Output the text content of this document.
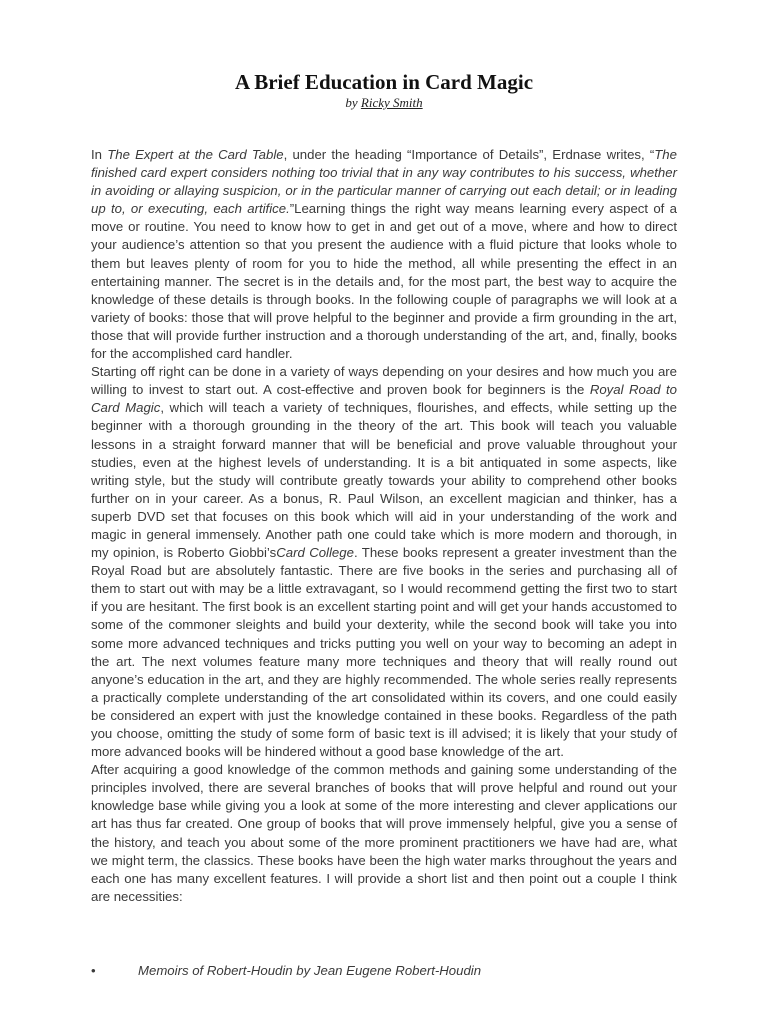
A Brief Education in Card Magic
by Ricky Smith

In The Expert at the Card Table, under the heading “Importance of Details”, Erdnase writes, “The finished card expert considers nothing too trivial that in any way contributes to his success, whether in avoiding or allaying suspicion, or in the particular manner of carrying out each detail; or in leading up to, or executing, each artifice.”Learning things the right way means learning every aspect of a move or routine. You need to know how to get in and get out of a move, where and how to direct your audience’s attention so that you present the audience with a fluid picture that looks whole to them but leaves plenty of room for you to hide the method, all while presenting the effect in an entertaining manner. The secret is in the details and, for the most part, the best way to acquire the knowledge of these details is through books. In the following couple of paragraphs we will look at a variety of books: those that will prove helpful to the beginner and provide a firm grounding in the art, those that will provide further instruction and a thorough understanding of the art, and, finally, books for the accomplished card handler.

Starting off right can be done in a variety of ways depending on your desires and how much you are willing to invest to start out. A cost-effective and proven book for beginners is the Royal Road to Card Magic, which will teach a variety of techniques, flourishes, and effects, while setting up the beginner with a thorough grounding in the theory of the art. This book will teach you valuable lessons in a straight forward manner that will be beneficial and prove valuable throughout your studies, even at the highest levels of understanding. It is a bit antiquated in some aspects, like writing style, but the study will contribute greatly towards your ability to comprehend other books further on in your career. As a bonus, R. Paul Wilson, an excellent magician and thinker, has a superb DVD set that focuses on this book which will aid in your understanding of the work and magic in general immensely. Another path one could take which is more modern and thorough, in my opinion, is Roberto Giobbi’sCard College. These books represent a greater investment than the Royal Road but are absolutely fantastic. There are five books in the series and purchasing all of them to start out with may be a little extravagant, so I would recommend getting the first two to start if you are hesitant. The first book is an excellent starting point and will get your hands accustomed to some of the commoner sleights and build your dexterity, while the second book will take you into some more advanced techniques and tricks putting you well on your way to becoming an adept in the art. The next volumes feature many more techniques and theory that will really round out anyone’s education in the art, and they are highly recommended. The whole series really represents a practically complete understanding of the art consolidated within its covers, and one could easily be considered an expert with just the knowledge contained in these books. Regardless of the path you choose, omitting the study of some form of basic text is ill advised; it is likely that your study of more advanced books will be hindered without a good base knowledge of the art.

After acquiring a good knowledge of the common methods and gaining some understanding of the principles involved, there are several branches of books that will prove helpful and round out your knowledge base while giving you a look at some of the more interesting and clever applications our art has thus far created. One group of books that will prove immensely helpful, give you a sense of the history, and teach you about some of the more prominent practitioners we have had are, what we might term, the classics. These books have been the high water marks throughout the years and each one has many excellent features. I will provide a short list and then point out a couple I think are necessities:

•	Memoirs of Robert-Houdin by Jean Eugene Robert-Houdin
